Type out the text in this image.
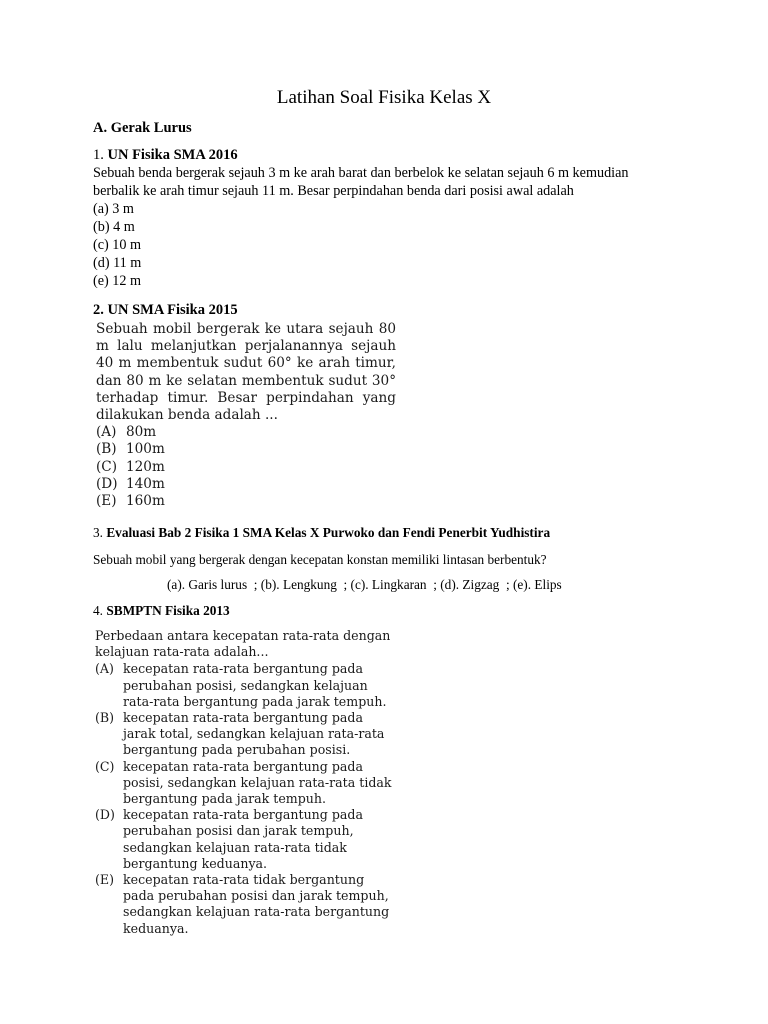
Latihan Soal Fisika Kelas X
A. Gerak Lurus
1. UN Fisika SMA 2016

Sebuah benda bergerak sejauh 3 m ke arah barat dan berbelok ke selatan sejauh 6 m kemudian

berbalik ke arah timur sejauh 11 m. Besar perpindahan benda dari posisi awal adalah

(a) 3 m

(b) 4 m

(c) 10 m

(d) 11 m

(e) 12 m

2. UN SMA Fisika 2015

Sebuah mobil bergerak ke utara sejauh 80 m lalu melanjutkan perjalanannya sejauh 40 m membentuk sudut 60° ke arah timur, dan 80 m ke selatan membentuk sudut 30° terhadap timur. Besar perpindahan yang dilakukan benda adalah ...

(A) 80m

(B) 100m

(C) 120m

(D) 140m

(E) 160m

3. Evaluasi Bab 2 Fisika 1 SMA Kelas X Purwoko dan Fendi Penerbit Yudhistira
Sebuah mobil yang bergerak dengan kecepatan konstan memiliki lintasan berbentuk?
(a). Garis lurus  ; (b). Lengkung  ; (c). Lingkaran  ; (d). Zigzag  ; (e). Elips
4. SBMPTN Fisika 2013

Perbedaan antara kecepatan rata-rata dengan kelajuan rata-rata adalah...

(A) kecepatan rata-rata bergantung pada perubahan posisi, sedangkan kelajuan rata-rata bergantung pada jarak tempuh.
(B) kecepatan rata-rata bergantung pada jarak total, sedangkan kelajuan rata-rata bergantung pada perubahan posisi.
(C) kecepatan rata-rata bergantung pada posisi, sedangkan kelajuan rata-rata tidak bergantung pada jarak tempuh.
(D) kecepatan rata-rata bergantung pada perubahan posisi dan jarak tempuh, sedangkan kelajuan rata-rata tidak bergantung keduanya.
(E) kecepatan rata-rata tidak bergantung pada perubahan posisi dan jarak tempuh, sedangkan kelajuan rata-rata bergantung keduanya.
